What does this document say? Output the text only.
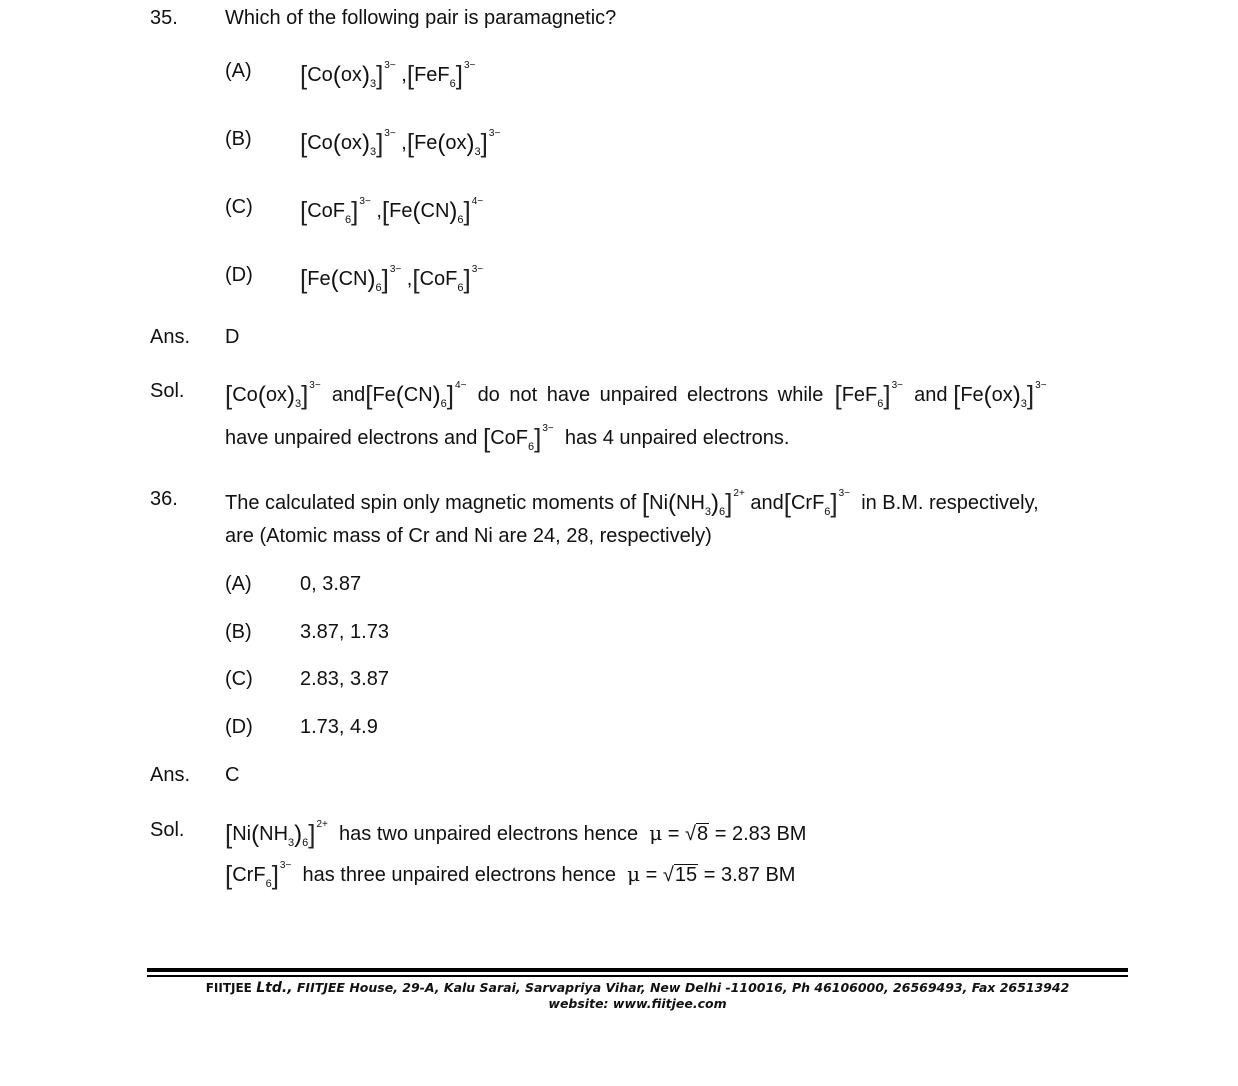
35. Which of the following pair is paramagnetic?
(A) $[Co(ox)_3]^{3-}$ $,[FeF_6]^{3-}$
(B) $[Co(ox)_3]^{3-}$ $,[Fe(ox)_3]^{3-}$
(C) $[CoF_6]^{3-}$ $,[Fe(CN)_6]^{4-}$
(D) $[Fe(CN)_6]^{3-}$ $,[CoF_6]^{3-}$
Ans. D
Sol. $[Co(ox)_3]^{3-}$ $and[Fe(CN)_6]^{4-}$ do not have unpaired electrons while $[FeF_6]^{3-}$ and $[Fe(ox)_3]^{3-}$
have unpaired electrons and $[CoF_6]^{3-}$ has 4 unpaired electrons.
36. The calculated spin only magnetic moments of $[Ni(NH_3)_6]^{2+}$ $and[CrF_6]^{3-}$ in B.M. respectively,
are (Atomic mass of Cr and Ni are 24, 28, respectively)
(A) 0, 3.87
(B) 3.87, 1.73
(C) 2.83, 3.87
(D) 1.73, 4.9
Ans. C
Sol. $[Ni(NH_3)_6]^{2+}$ has two unpaired electrons hence μ = √8 = 2.83 BM
$[CrF_6]^{3-}$ has three unpaired electrons hence μ = √15 = 3.87 BM
FIITJEE Ltd., FIITJEE House, 29-A, Kalu Sarai, Sarvapriya Vihar, New Delhi -110016, Ph 46106000, 26569493, Fax 26513942
website: www.fiitjee.com
